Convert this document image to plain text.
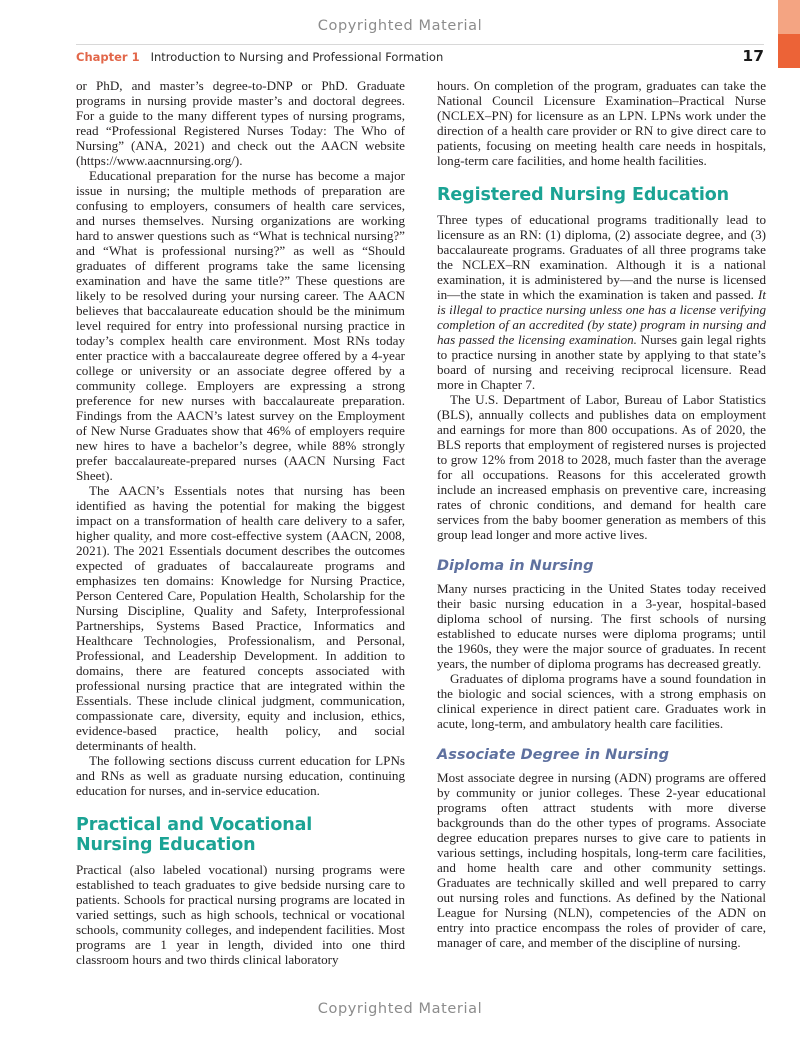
Copyrighted Material
Chapter 1 Introduction to Nursing and Professional Formation	17

or PhD, and master’s degree-to-DNP or PhD. Graduate programs in nursing provide master’s and doctoral degrees. For a guide to the many different types of nursing programs, read “Professional Registered Nurses Today: The Who of Nursing” (ANA, 2021) and check out the AACN website (https://www.aacnnursing.org/).

Educational preparation for the nurse has become a major issue in nursing; the multiple methods of preparation are confusing to employers, consumers of health care services, and nurses themselves. Nursing organizations are working hard to answer questions such as “What is technical nursing?” and “What is professional nursing?” as well as “Should graduates of different programs take the same licensing examination and have the same title?” These questions are likely to be resolved during your nursing career. The AACN believes that baccalaureate education should be the minimum level required for entry into professional nursing practice in today’s complex health care environment. Most RNs today enter practice with a baccalaureate degree offered by a 4-year college or university or an associate degree offered by a community college. Employers are expressing a strong preference for new nurses with baccalaureate preparation. Findings from the AACN’s latest survey on the Employment of New Nurse Graduates show that 46% of employers require new hires to have a bachelor’s degree, while 88% strongly prefer baccalaureate-prepared nurses (AACN Nursing Fact Sheet).

The AACN’s Essentials notes that nursing has been identified as having the potential for making the biggest impact on a transformation of health care delivery to a safer, higher quality, and more cost-effective system (AACN, 2008, 2021). The 2021 Essentials document describes the outcomes expected of graduates of baccalaureate programs and emphasizes ten domains: Knowledge for Nursing Practice, Person Centered Care, Population Health, Scholarship for the Nursing Discipline, Quality and Safety, Interprofessional Partnerships, Systems Based Practice, Informatics and Healthcare Technologies, Professionalism, and Personal, Professional, and Leadership Development. In addition to domains, there are featured concepts associated with professional nursing practice that are integrated within the Essentials. These include clinical judgment, communication, compassionate care, diversity, equity and inclusion, ethics, evidence-based practice, health policy, and social determinants of health.

The following sections discuss current education for LPNs and RNs as well as graduate nursing education, continuing education for nurses, and in-service education.

Practical and Vocational
Nursing Education

Practical (also labeled vocational) nursing programs were established to teach graduates to give bedside nursing care to patients. Schools for practical nursing programs are located in varied settings, such as high schools, technical or vocational schools, community colleges, and independent facilities. Most programs are 1 year in length, divided into one third classroom hours and two thirds clinical laboratory

hours. On completion of the program, graduates can take the National Council Licensure Examination–Practical Nurse (NCLEX–PN) for licensure as an LPN. LPNs work under the direction of a health care provider or RN to give direct care to patients, focusing on meeting health care needs in hospitals, long-term care facilities, and home health facilities.

Registered Nursing Education

Three types of educational programs traditionally lead to licensure as an RN: (1) diploma, (2) associate degree, and (3) baccalaureate programs. Graduates of all three programs take the NCLEX–RN examination. Although it is a national examination, it is administered by—and the nurse is licensed in—the state in which the examination is taken and passed. It is illegal to practice nursing unless one has a license verifying completion of an accredited (by state) program in nursing and has passed the licensing examination. Nurses gain legal rights to practice nursing in another state by applying to that state’s board of nursing and receiving reciprocal licensure. Read more in Chapter 7.

The U.S. Department of Labor, Bureau of Labor Statistics (BLS), annually collects and publishes data on employment and earnings for more than 800 occupations. As of 2020, the BLS reports that employment of registered nurses is projected to grow 12% from 2018 to 2028, much faster than the average for all occupations. Reasons for this accelerated growth include an increased emphasis on preventive care, increasing rates of chronic conditions, and demand for health care services from the baby boomer generation as members of this group lead longer and more active lives.

Diploma in Nursing

Many nurses practicing in the United States today received their basic nursing education in a 3-year, hospital-based diploma school of nursing. The first schools of nursing established to educate nurses were diploma programs; until the 1960s, they were the major source of graduates. In recent years, the number of diploma programs has decreased greatly.

Graduates of diploma programs have a sound foundation in the biologic and social sciences, with a strong emphasis on clinical experience in direct patient care. Graduates work in acute, long-term, and ambulatory health care facilities.

Associate Degree in Nursing

Most associate degree in nursing (ADN) programs are offered by community or junior colleges. These 2-year educational programs often attract students with more diverse backgrounds than do the other types of programs. Associate degree education prepares nurses to give care to patients in various settings, including hospitals, long-term care facilities, and home health care and other community settings. Graduates are technically skilled and well prepared to carry out nursing roles and functions. As defined by the National League for Nursing (NLN), competencies of the ADN on entry into practice encompass the roles of provider of care, manager of care, and member of the discipline of nursing.

Copyrighted Material
